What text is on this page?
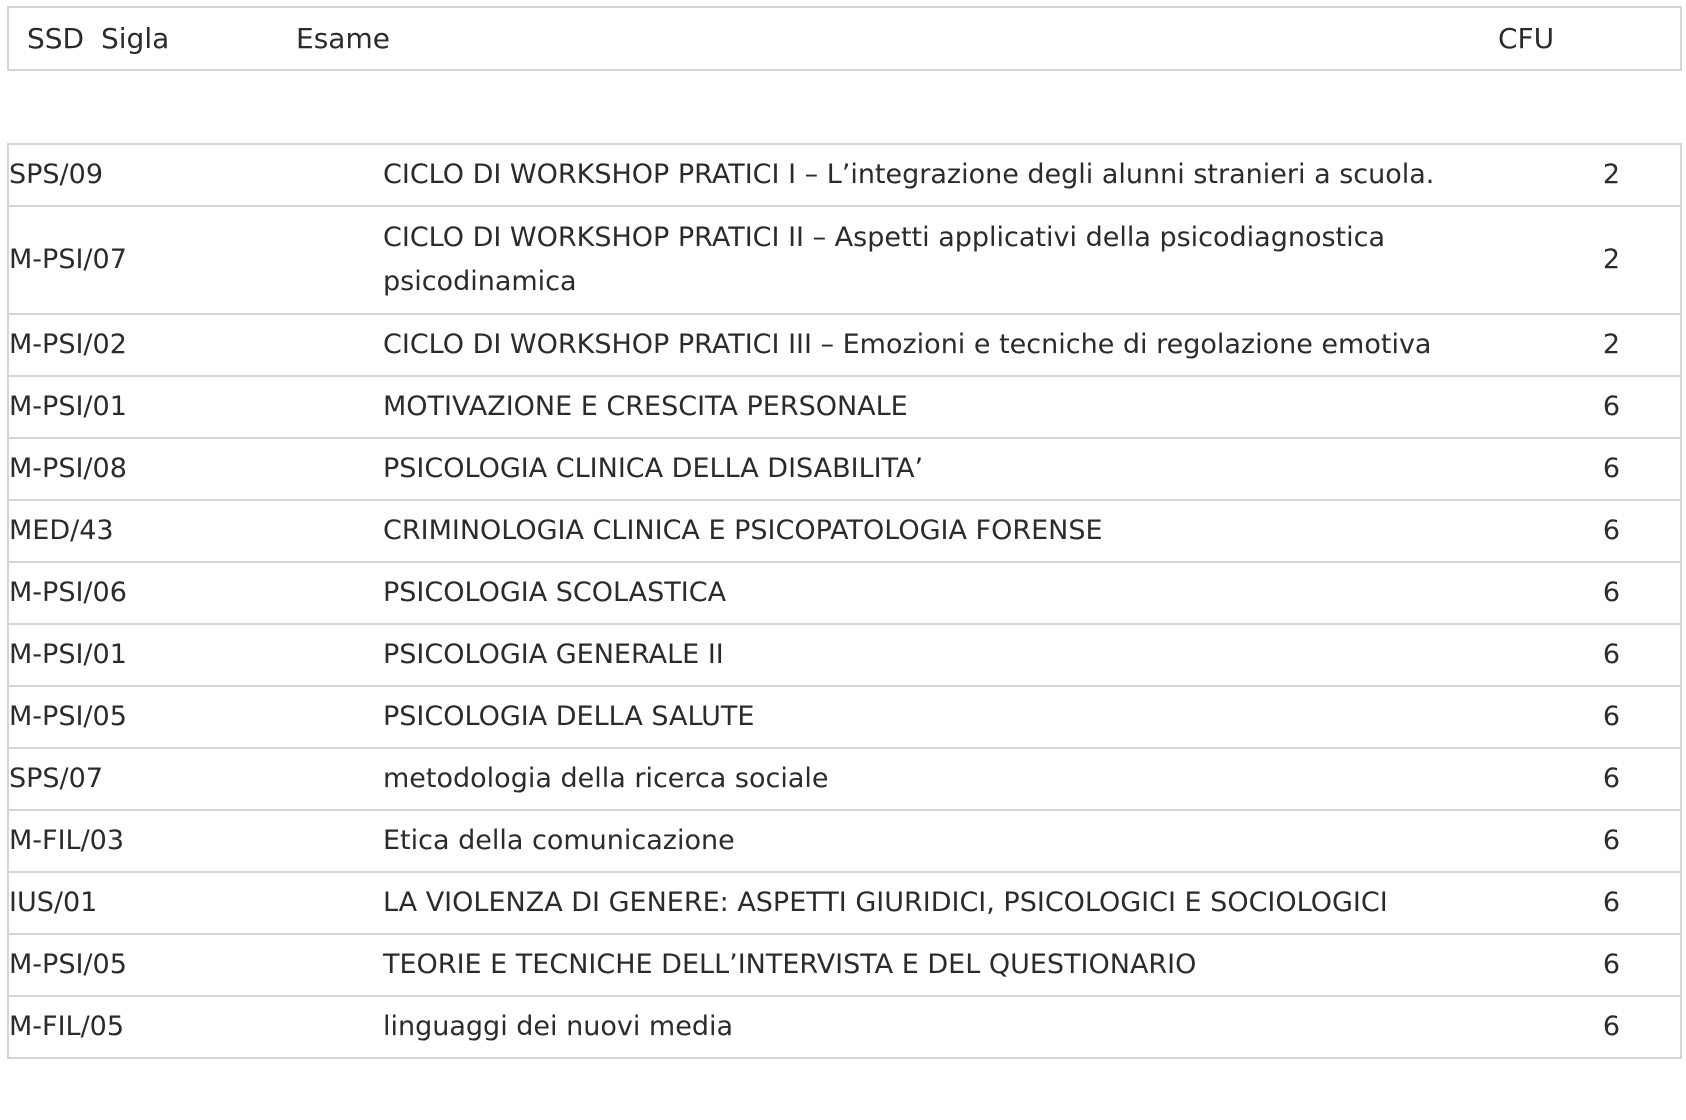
SSD Sigla	Esame	CFU
SPS/09	CICLO DI WORKSHOP PRATICI I – L’integrazione degli alunni stranieri a scuola.	2
M-PSI/07	CICLO DI WORKSHOP PRATICI II – Aspetti applicativi della psicodiagnostica psicodinamica	2
M-PSI/02	CICLO DI WORKSHOP PRATICI III – Emozioni e tecniche di regolazione emotiva	2
M-PSI/01	MOTIVAZIONE E CRESCITA PERSONALE	6
M-PSI/08	PSICOLOGIA CLINICA DELLA DISABILITA’	6
MED/43	CRIMINOLOGIA CLINICA E PSICOPATOLOGIA FORENSE	6
M-PSI/06	PSICOLOGIA SCOLASTICA	6
M-PSI/01	PSICOLOGIA GENERALE II	6
M-PSI/05	PSICOLOGIA DELLA SALUTE	6
SPS/07	metodologia della ricerca sociale	6
M-FIL/03	Etica della comunicazione	6
IUS/01	LA VIOLENZA DI GENERE: ASPETTI GIURIDICI, PSICOLOGICI E SOCIOLOGICI	6
M-PSI/05	TEORIE E TECNICHE DELL’INTERVISTA E DEL QUESTIONARIO	6
M-FIL/05	linguaggi dei nuovi media	6
